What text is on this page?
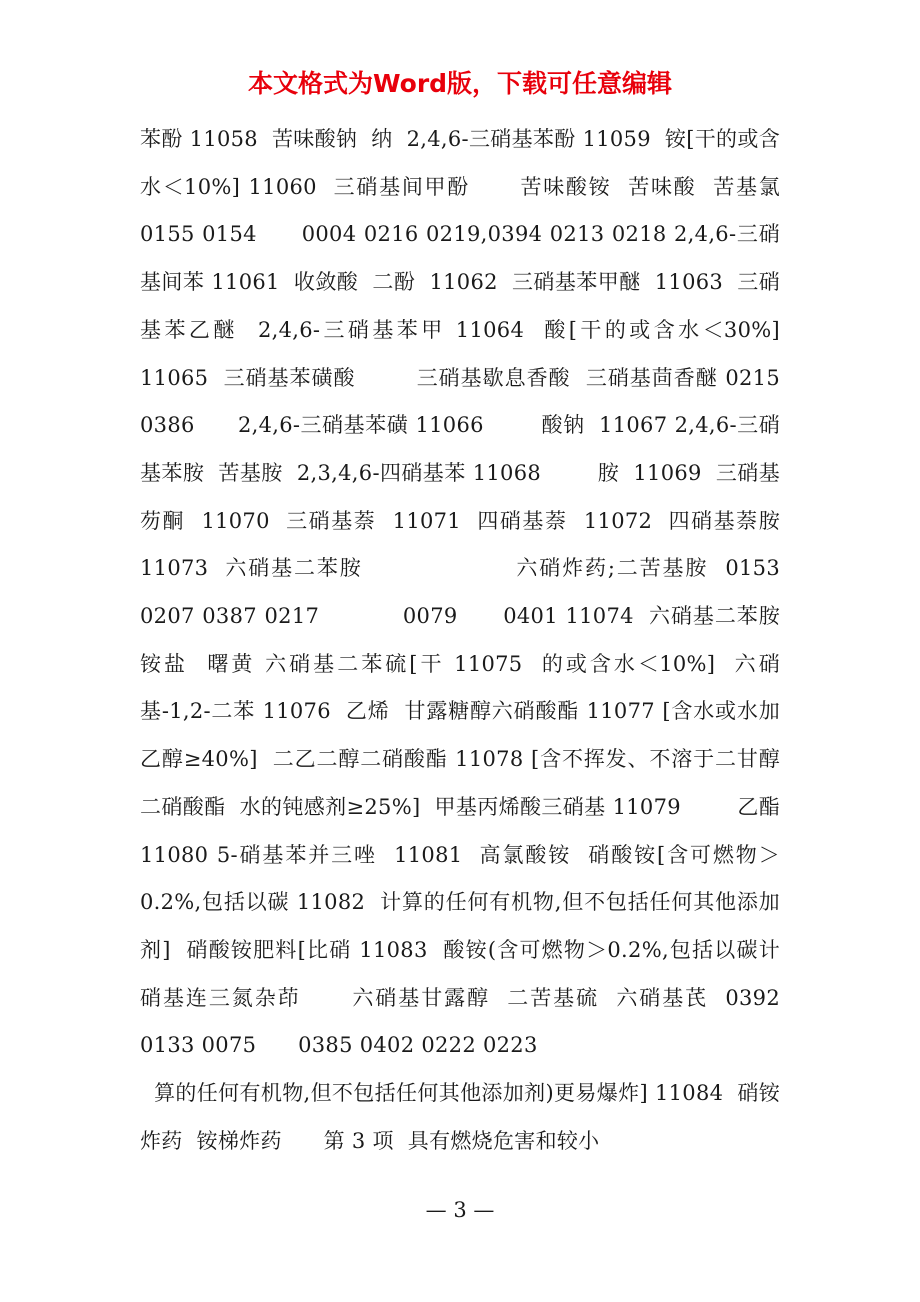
本文格式为Word版，下载可任意编辑

苯酚 11058  苦味酸钠  纳  2,4,6-三硝基苯酚 11059  铵[干的或含水＜10%] 11060  三硝基间甲酚      苦味酸铵  苦味酸  苦基氯      0155 0154      0004 0216 0219,0394 0213 0218 2,4,6-三硝基间苯 11061  收敛酸  二酚  11062  三硝基苯甲醚  11063  三硝基苯乙醚  2,4,6-三硝基苯甲 11064  酸[干的或含水＜30%] 11065  三硝基苯磺酸        三硝基歇息香酸  三硝基茴香醚 0215 0386      2,4,6-三硝基苯磺 11066        酸钠  11067 2,4,6-三硝基苯胺  苦基胺  2,3,4,6-四硝基苯 11068        胺  11069  三硝基芴酮  11070  三硝基萘  11071  四硝基萘  11072  四硝基萘胺 11073  六硝基二苯胺                  六硝炸药;二苦基胺  0153 0207 0387 0217           0079      0401 11074  六硝基二苯胺铵盐  曙黄 六硝基二苯硫[干 11075  的或含水＜10%]  六硝基-1,2-二苯 11076  乙烯  甘露糖醇六硝酸酯 11077 [含水或水加乙醇≥40%]  二乙二醇二硝酸酯 11078 [含不挥发、不溶于二甘醇二硝酸酯  水的钝感剂≥25%]  甲基丙烯酸三硝基 11079        乙酯 11080 5-硝基苯并三唑  11081  高氯酸铵  硝酸铵[含可燃物＞0.2%,包括以碳 11082  计算的任何有机物,但不包括任何其他添加剂]  硝酸铵肥料[比硝 11083  酸铵(含可燃物＞0.2%,包括以碳计        硝基连三氮杂茚      六硝基甘露醇  二苦基硫  六硝基芪  0392 0133 0075      0385 0402 0222 0223

算的任何有机物,但不包括任何其他添加剂)更易爆炸] 11084  硝铵炸药  铵梯炸药      第 3 项  具有燃烧危害和较小

— 3 —
